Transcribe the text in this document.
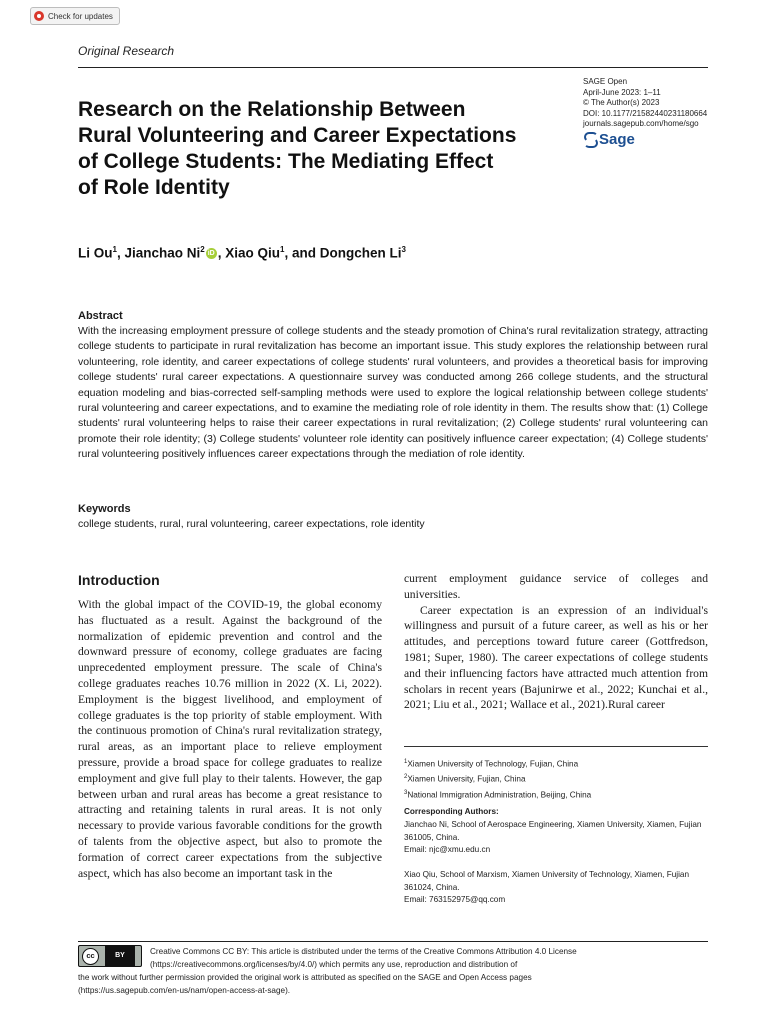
Check for updates
Original Research
SAGE Open
April-June 2023: 1–11
© The Author(s) 2023
DOI: 10.1177/21582440231180664
journals.sagepub.com/home/sgo
Sage
Research on the Relationship Between Rural Volunteering and Career Expectations of College Students: The Mediating Effect of Role Identity
Li Ou$^1$, Jianchao Ni$^2$ iD , Xiao Qiu$^1$, and Dongchen Li$^3$
Abstract

With the increasing employment pressure of college students and the steady promotion of China's rural revitalization strategy, attracting college students to participate in rural revitalization has become an important issue. This study explores the relationship between rural volunteering, role identity, and career expectations of college students' rural volunteers, and provides a theoretical basis for improving college students' rural career expectations. A questionnaire survey was conducted among 266 college students, and the structural equation modeling and bias-corrected self-sampling methods were used to explore the logical relationship between college students' rural volunteering and career expectations, and to examine the mediating role of role identity in them. The results show that: (1) College students' rural volunteering helps to raise their career expectations in rural revitalization; (2) College students' rural volunteering can promote their role identity; (3) College students' volunteer role identity can positively influence career expectation; (4) College students' rural volunteering positively influences career expectations through the mediation of role identity.

Keywords
college students, rural, rural volunteering, career expectations, role identity
Introduction

With the global impact of the COVID-19, the global economy has fluctuated as a result. Against the background of the normalization of epidemic prevention and control and the downward pressure of economy, college graduates are facing unprecedented employment pressure. The scale of China's college graduates reaches 10.76 million in 2022 (X. Li, 2022). Employment is the biggest livelihood, and employment of college graduates is the top priority of stable employment. With the continuous promotion of China's rural revitalization strategy, rural areas, as an important place to relieve employment pressure, provide a broad space for college graduates to realize employment and give full play to their talents. However, the gap between urban and rural areas has become a great resistance to attracting and retaining talents in rural areas. It is not only necessary to provide various favorable conditions for the growth of talents from the objective aspect, but also to promote the formation of correct career expectations from the subjective aspect, which has also become an important task in the

current employment guidance service of colleges and universities.

Career expectation is an expression of an individual's willingness and pursuit of a future career, as well as his or her attitudes, and perceptions toward future career (Gottfredson, 1981; Super, 1980). The career expectations of college students and their influencing factors have attracted much attention from scholars in recent years (Bajunirwe et al., 2022; Kunchai et al., 2021; Liu et al., 2021; Wallace et al., 2021).Rural career

$^1$Xiamen University of Technology, Fujian, China
$^2$Xiamen University, Fujian, China
$^3$National Immigration Administration, Beijing, China
Corresponding Authors:
Jianchao Ni, School of Aerospace Engineering, Xiamen University, Xiamen, Fujian 361005, China.
Email: njc@xmu.edu.cn
Xiao Qiu, School of Marxism, Xiamen University of Technology, Xiamen, Fujian 361024, China.
Email: 763152975@qq.com
cc	BY	Creative Commons CC BY: This article is distributed under the terms of the Creative Commons Attribution 4.0 License
(https://creativecommons.org/licenses/by/4.0/) which permits any use, reproduction and distribution of
the work without further permission provided the original work is attributed as specified on the SAGE and Open Access pages
(https://us.sagepub.com/en-us/nam/open-access-at-sage).
